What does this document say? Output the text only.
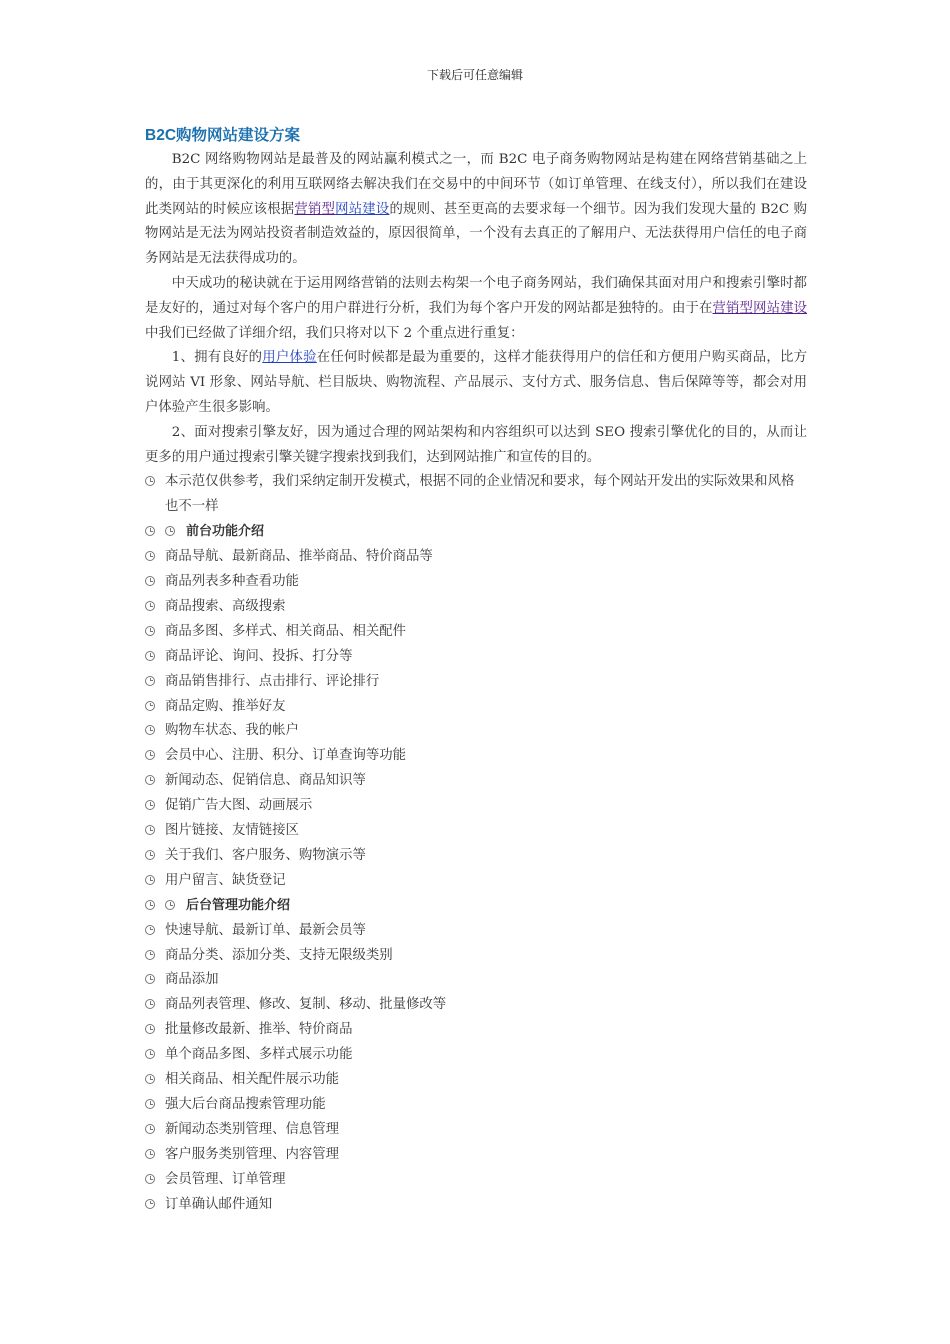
下载后可任意编辑
B2C购物网站建设方案

B2C 网络购物网站是最普及的网站赢利模式之一，而 B2C 电子商务购物网站是构建在网络营销基础之上的，由于其更深化的利用互联网络去解决我们在交易中的中间环节（如订单管理、在线支付），所以我们在建设此类网站的时候应该根据营销型网站建设的规则、甚至更高的去要求每一个细节。因为我们发现大量的 B2C 购物网站是无法为网站投资者制造效益的，原因很简单，一个没有去真正的了解用户、无法获得用户信任的电子商务网站是无法获得成功的。

中天成功的秘诀就在于运用网络营销的法则去构架一个电子商务网站，我们确保其面对用户和搜索引擎时都是友好的，通过对每个客户的用户群进行分析，我们为每个客户开发的网站都是独特的。由于在营销型网站建设中我们已经做了详细介绍，我们只将对以下 2 个重点进行重复：

1、拥有良好的用户体验在任何时候都是最为重要的，这样才能获得用户的信任和方便用户购买商品，比方说网站 VI 形象、网站导航、栏目版块、购物流程、产品展示、支付方式、服务信息、售后保障等等，都会对用户体验产生很多影响。

2、面对搜索引擎友好，因为通过合理的网站架构和内容组织可以达到 SEO 搜索引擎优化的目的，从而让更多的用户通过搜索引擎关键字搜索找到我们，达到网站推广和宣传的目的。

本示范仅供参考，我们采纳定制开发模式，根据不同的企业情况和要求，每个网站开发出的实际效果和风格也不一样
前台功能介绍
商品导航、最新商品、推举商品、特价商品等
商品列表多种查看功能
商品搜索、高级搜索
商品多图、多样式、相关商品、相关配件
商品评论、询问、投拆、打分等
商品销售排行、点击排行、评论排行
商品定购、推举好友
购物车状态、我的帐户
会员中心、注册、积分、订单查询等功能
新闻动态、促销信息、商品知识等
促销广告大图、动画展示
图片链接、友情链接区
关于我们、客户服务、购物演示等
用户留言、缺货登记
后台管理功能介绍
快速导航、最新订单、最新会员等
商品分类、添加分类、支持无限级类别
商品添加
商品列表管理、修改、复制、移动、批量修改等
批量修改最新、推举、特价商品
单个商品多图、多样式展示功能
相关商品、相关配件展示功能
强大后台商品搜索管理功能
新闻动态类别管理、信息管理
客户服务类别管理、内容管理
会员管理、订单管理
订单确认邮件通知
